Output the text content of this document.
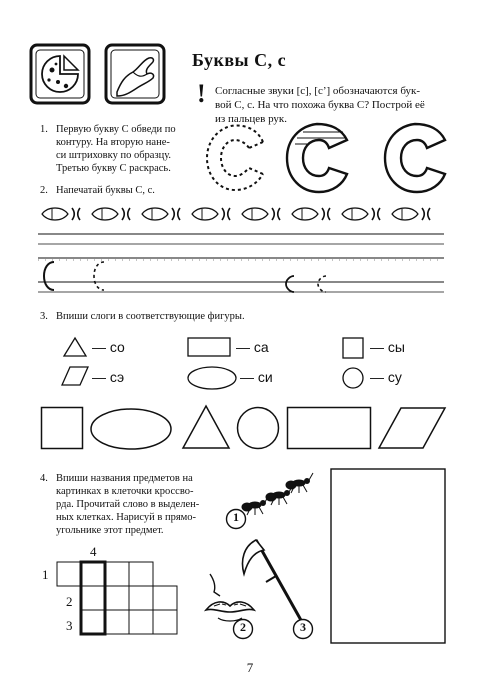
Буквы С, с
! Согласные звуки [с], [с’] обозначаются бук-
вой С, с. На что похожа буква С? Построй её
из пальцев рук.
1. Первую букву С обведи по
контуру. На вторую нане-
си штриховку по образцу.
Третью букву С раскрась.
2. Напечатай буквы С, с.
3. Впиши слоги в соответствующие фигуры.
— со	— са	— сы
— сэ	— си	— су
4. Впиши названия предметов на
картинках в клеточки кроссво-
рда. Прочитай слово в выделен-
ных клетках. Нарисуй в прямо-
угольнике этот предмет.
4
1
2
3
1
2	3
7
